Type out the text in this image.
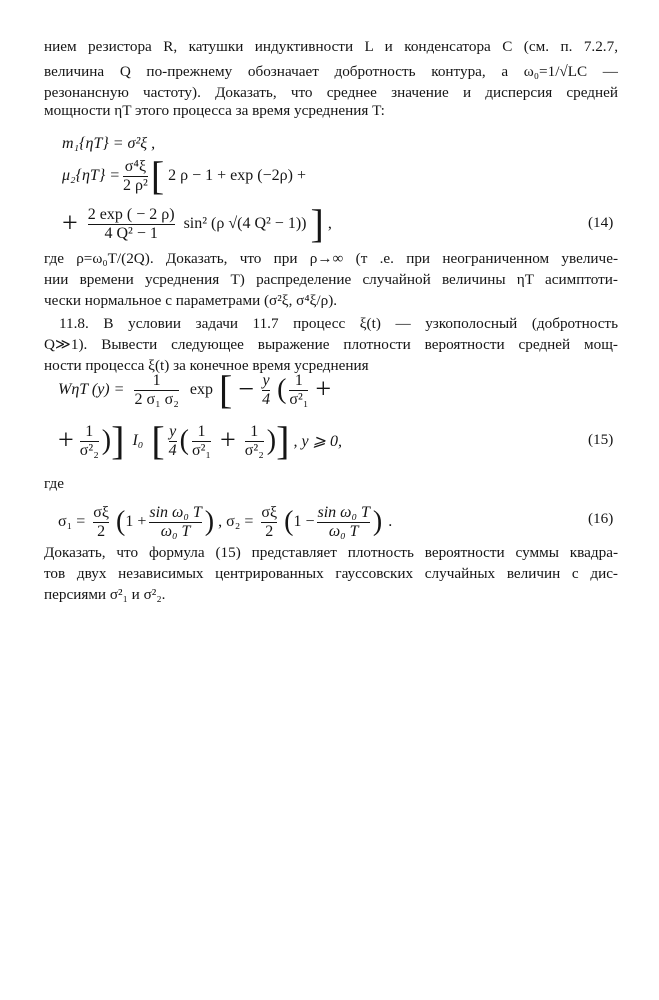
нием резистора R, катушки индуктивности L и конденсатора C (см. п. 7.2.7,
величина Q по-прежнему обозначает добротность контура, а ω₀=1/√LC —
резонансную частоту). Доказать, что среднее значение и дисперсия средней
мощности ηT этого процесса за время усреднения T:
m₁{ηT} = σ²ξ ,
$\mu_2\{\eta T\} = \frac{\text{σ⁴ξ}}{\text{2 ρ²}}$ [ 2 ρ − 1 + exp (−2ρ) +
+ $\frac{2 \exp ( - 2 \rho)}{\text{4 Q² − 1}} \sin^2$ (ρ √(4 Q² − 1)) ] ,	(14)
где ρ=ω₀T/(2Q). Доказать, что при ρ→∞ (т .е. при неограниченном увеличе-
нии времени усреднения T) распределение случайной величины ηT асимптоти-
чески нормальное с параметрами (σ²ξ, σ⁴ξ/ρ).
11.8. В условии задачи 11.7 процесс ξ(t) — узкополосный (добротность
Q≫1). Вывести следующее выражение плотности вероятности средней мощ-
ности процесса ξ(t) за конечное время усреднения
WηT $(y) = \frac{1}{\text{2 σ₁ σ₂}}$ exp [ − $\frac{y}{4}$ ( $\frac{1}{\text{σ²₁}}$ +
+ $\frac{1}{\text{σ²₂}}$ ) ] I₀ [ $\frac{y}{4}$ ( $\frac{1}{\text{σ²₁}} + \frac{1}{\text{σ²₂}}$ ) ] , y ⩾ 0,	(15)
где
$\sigma_1 = \frac{\sigma\xi}{2}$ ( $1 + \frac{\text{sin ω₀ T}}{\text{ω₀ T}}$ ) , $\sigma_2 = \frac{\sigma\xi}{2}$ ( $1 - \frac{\text{sin ω₀ T}}{\text{ω₀ T}}$ ) .	(16)
Доказать, что формула (15) представляет плотность вероятности суммы квадра-
тов двух независимых центрированных гауссовских случайных величин с дис-
персиями σ²₁ и σ²₂.
